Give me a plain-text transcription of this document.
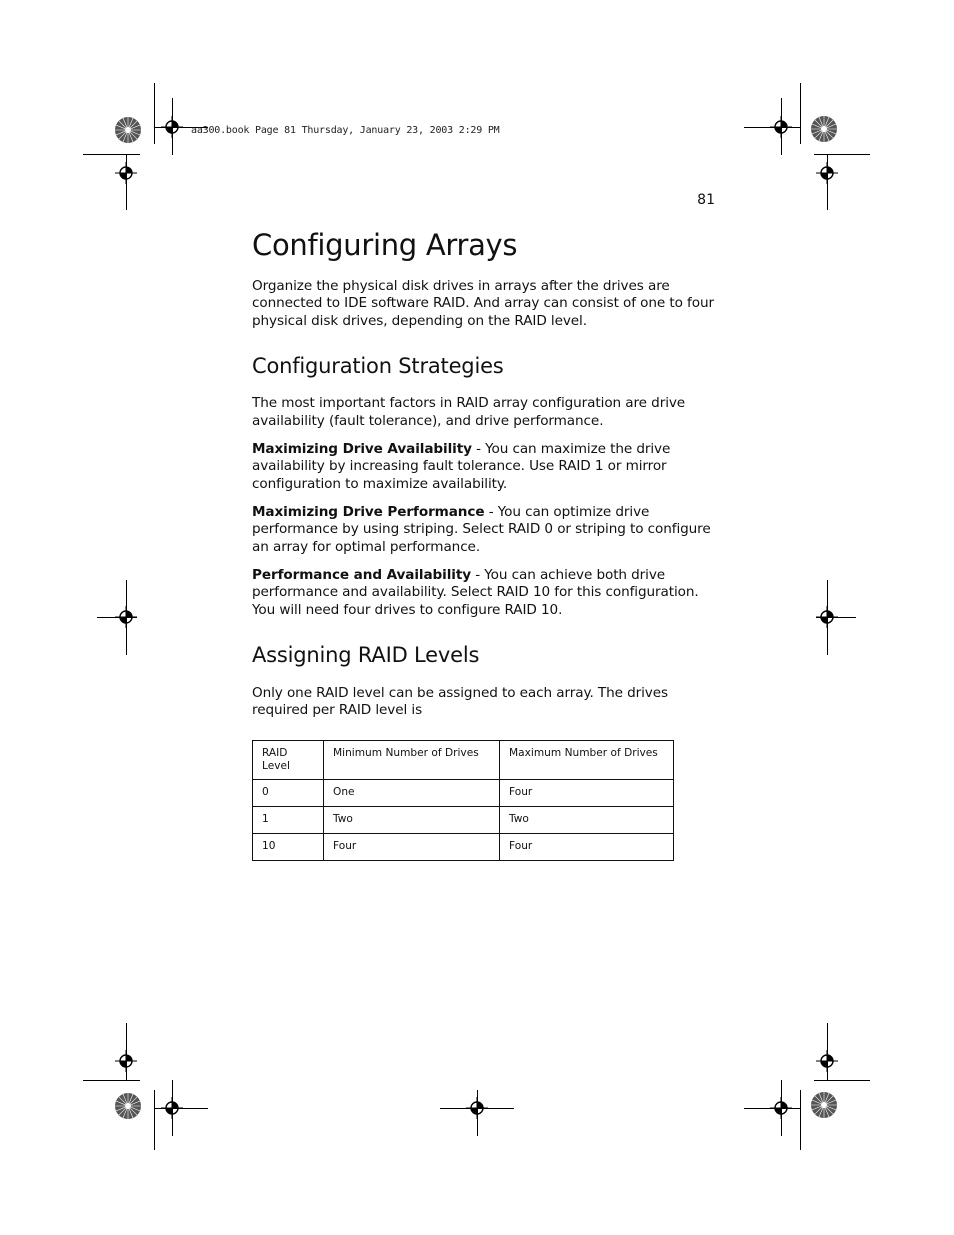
aa300.book Page 81 Thursday, January 23, 2003 2:29 PM
81
Configuring Arrays

Organize the physical disk drives in arrays after the drives are connected to IDE software RAID. And array can consist of one to four physical disk drives, depending on the RAID level.

Configuration Strategies

The most important factors in RAID array configuration are drive availability (fault tolerance), and drive performance.

Maximizing Drive Availability - You can maximize the drive availability by increasing fault tolerance. Use RAID 1 or mirror configuration to maximize availability.

Maximizing Drive Performance - You can optimize drive performance by using striping. Select RAID 0 or striping to configure an array for optimal performance.

Performance and Availability - You can achieve both drive performance and availability. Select RAID 10 for this configuration. You will need four drives to configure RAID 10.

Assigning RAID Levels

Only one RAID level can be assigned to each array. The drives required per RAID level is

RAID Level	Minimum Number of Drives	Maximum Number of Drives
0	One	Four
1	Two	Two
10	Four	Four
